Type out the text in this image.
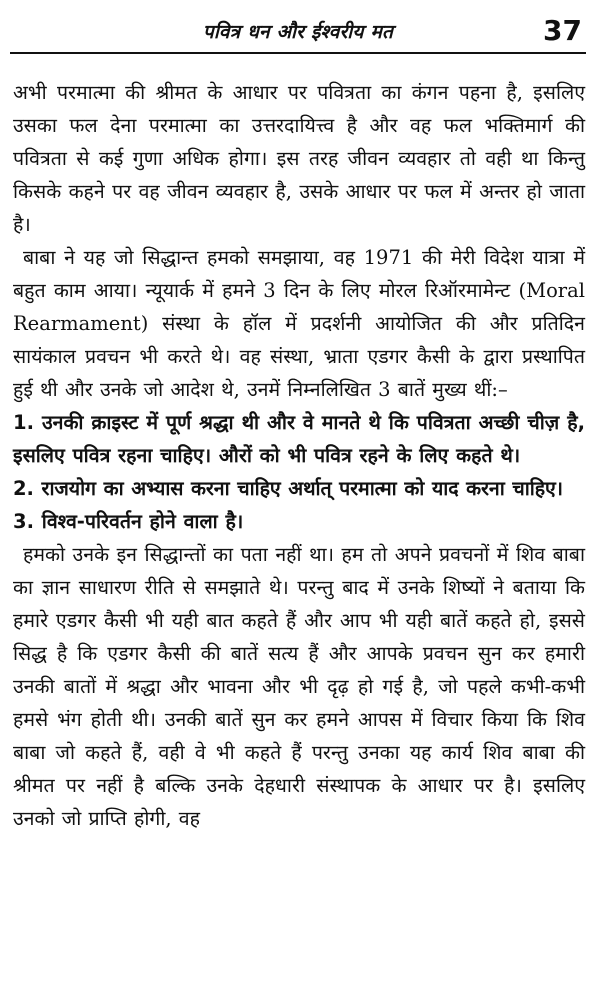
पवित्र धन और ईश्वरीय मत	37

अभी परमात्मा की श्रीमत के आधार पर पवित्रता का कंगन पहना है, इसलिए उसका फल देना परमात्मा का उत्तरदायित्त्व है और वह फल भक्तिमार्ग की पवित्रता से कई गुणा अधिक होगा। इस तरह जीवन व्यवहार तो वही था किन्तु किसके कहने पर वह जीवन व्यवहार है, उसके आधार पर फल में अन्तर हो जाता है।

बाबा ने यह जो सिद्धान्त हमको समझाया, वह 1971 की मेरी विदेश यात्रा में बहुत काम आया। न्यूयार्क में हमने 3 दिन के लिए मोरल रिऑरमामेन्ट (Moral Rearmament) संस्था के हॉल में प्रदर्शनी आयोजित की और प्रतिदिन सायंकाल प्रवचन भी करते थे। वह संस्था, भ्राता एडगर कैसी के द्वारा प्रस्थापित हुई थी और उनके जो आदेश थे, उनमें निम्नलिखित 3 बातें मुख्य थीं:–

1. उनकी क्राइस्ट में पूर्ण श्रद्धा थी और वे मानते थे कि पवित्रता अच्छी चीज़ है, इसलिए पवित्र रहना चाहिए। औरों को भी पवित्र रहने के लिए कहते थे।

2. राजयोग का अभ्यास करना चाहिए अर्थात् परमात्मा को याद करना चाहिए।

3. विश्व-परिवर्तन होने वाला है।

हमको उनके इन सिद्धान्तों का पता नहीं था। हम तो अपने प्रवचनों में शिव बाबा का ज्ञान साधारण रीति से समझाते थे। परन्तु बाद में उनके शिष्यों ने बताया कि हमारे एडगर कैसी भी यही बात कहते हैं और आप भी यही बातें कहते हो, इससे सिद्ध है कि एडगर कैसी की बातें सत्य हैं और आपके प्रवचन सुन कर हमारी उनकी बातों में श्रद्धा और भावना और भी दृढ़ हो गई है, जो पहले कभी-कभी हमसे भंग होती थी। उनकी बातें सुन कर हमने आपस में विचार किया कि शिव बाबा जो कहते हैं, वही वे भी कहते हैं परन्तु उनका यह कार्य शिव बाबा की श्रीमत पर नहीं है बल्कि उनके देहधारी संस्थापक के आधार पर है। इसलिए उनको जो प्राप्ति होगी, वह
